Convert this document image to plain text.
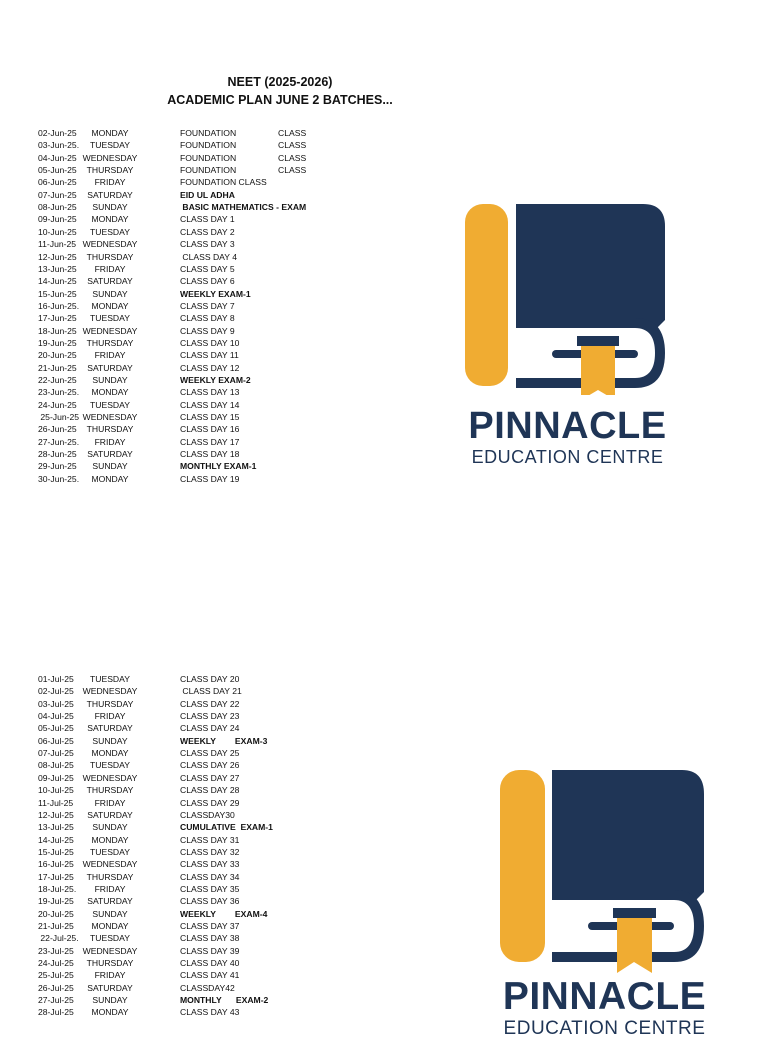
NEET (2025-2026)
ACADEMIC PLAN JUNE 2 BATCHES...
02-Jun-25	MONDAY	FOUNDATION	CLASS
03-Jun-25.	TUESDAY	FOUNDATION	CLASS
04-Jun-25 WEDNESDAY	FOUNDATION	CLASS
05-Jun-25	THURSDAY	FOUNDATION	CLASS
06-Jun-25	FRIDAY	FOUNDATION CLASS
07-Jun-25	SATURDAY	EID UL ADHA
08-Jun-25	SUNDAY	BASIC MATHEMATICS - EXAM
09-Jun-25	MONDAY	CLASS DAY 1
10-Jun-25	TUESDAY	CLASS DAY 2
11-Jun-25 WEDNESDAY	CLASS DAY 3
12-Jun-25	THURSDAY	CLASS DAY 4
13-Jun-25	FRIDAY	CLASS DAY 5
14-Jun-25	SATURDAY	CLASS DAY 6
15-Jun-25	SUNDAY	WEEKLY EXAM-1
16-Jun-25.	MONDAY	CLASS DAY 7
17-Jun-25	TUESDAY	CLASS DAY 8
18-Jun-25 WEDNESDAY	CLASS DAY 9
19-Jun-25	THURSDAY	CLASS DAY 10
20-Jun-25	FRIDAY	CLASS DAY 11
21-Jun-25	SATURDAY	CLASS DAY 12
22-Jun-25	SUNDAY	WEEKLY EXAM-2
23-Jun-25.	MONDAY	CLASS DAY 13
24-Jun-25	TUESDAY	CLASS DAY 14
25-Jun-25 WEDNESDAY	CLASS DAY 15
26-Jun-25	THURSDAY	CLASS DAY 16
27-Jun-25.	FRIDAY	CLASS DAY 17
28-Jun-25	SATURDAY	CLASS DAY 18
29-Jun-25	SUNDAY	MONTHLY EXAM-1
30-Jun-25.	MONDAY	CLASS DAY 19
01-Jul-25	TUESDAY	CLASS DAY 20
02-Jul-25 WEDNESDAY	CLASS DAY 21
03-Jul-25	THURSDAY	CLASS DAY 22
04-Jul-25	FRIDAY	CLASS DAY 23
05-Jul-25	SATURDAY	CLASS DAY 24
06-Jul-25	SUNDAY	WEEKLY        EXAM-3
07-Jul-25	MONDAY	CLASS DAY 25
08-Jul-25	TUESDAY	CLASS DAY 26
09-Jul-25 WEDNESDAY	CLASS DAY 27
10-Jul-25	THURSDAY	CLASS DAY 28
11-Jul-25	FRIDAY	CLASS DAY 29
12-Jul-25	SATURDAY	CLASSDAY30
13-Jul-25	SUNDAY	CUMULATIVE  EXAM-1
14-Jul-25	MONDAY	CLASS DAY 31
15-Jul-25	TUESDAY	CLASS DAY 32
16-Jul-25 WEDNESDAY	CLASS DAY 33
17-Jul-25	THURSDAY	CLASS DAY 34
18-Jul-25.	FRIDAY	CLASS DAY 35
19-Jul-25	SATURDAY	CLASS DAY 36
20-Jul-25	SUNDAY	WEEKLY        EXAM-4
21-Jul-25	MONDAY	CLASS DAY 37
22-Jul-25.	TUESDAY	CLASS DAY 38
23-Jul-25 WEDNESDAY	CLASS DAY 39
24-Jul-25	THURSDAY	CLASS DAY 40
25-Jul-25	FRIDAY	CLASS DAY 41
26-Jul-25	SATURDAY	CLASSDAY42
27-Jul-25	SUNDAY	MONTHLY      EXAM-2
28-Jul-25	MONDAY	CLASS DAY 43
PINNACLE
EDUCATION CENTRE
PINNACLE
EDUCATION CENTRE
